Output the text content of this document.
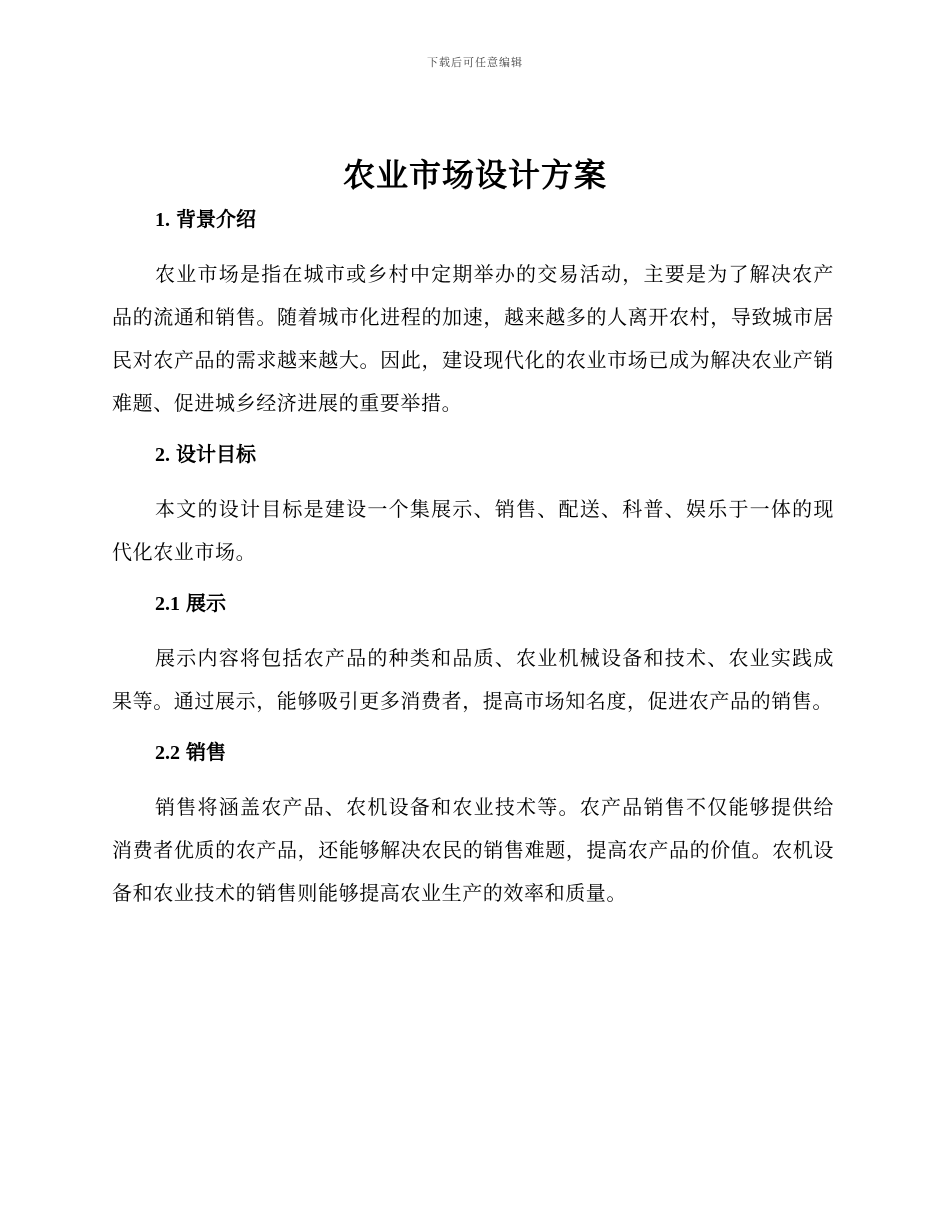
下载后可任意编辑
农业市场设计方案
1. 背景介绍

农业市场是指在城市或乡村中定期举办的交易活动，主要是为了解决农产品的流通和销售。随着城市化进程的加速，越来越多的人离开农村，导致城市居民对农产品的需求越来越大。因此，建设现代化的农业市场已成为解决农业产销难题、促进城乡经济进展的重要举措。

2. 设计目标

本文的设计目标是建设一个集展示、销售、配送、科普、娱乐于一体的现代化农业市场。

2.1 展示

展示内容将包括农产品的种类和品质、农业机械设备和技术、农业实践成果等。通过展示，能够吸引更多消费者，提高市场知名度，促进农产品的销售。

2.2 销售

销售将涵盖农产品、农机设备和农业技术等。农产品销售不仅能够提供给消费者优质的农产品，还能够解决农民的销售难题，提高农产品的价值。农机设备和农业技术的销售则能够提高农业生产的效率和质量。
